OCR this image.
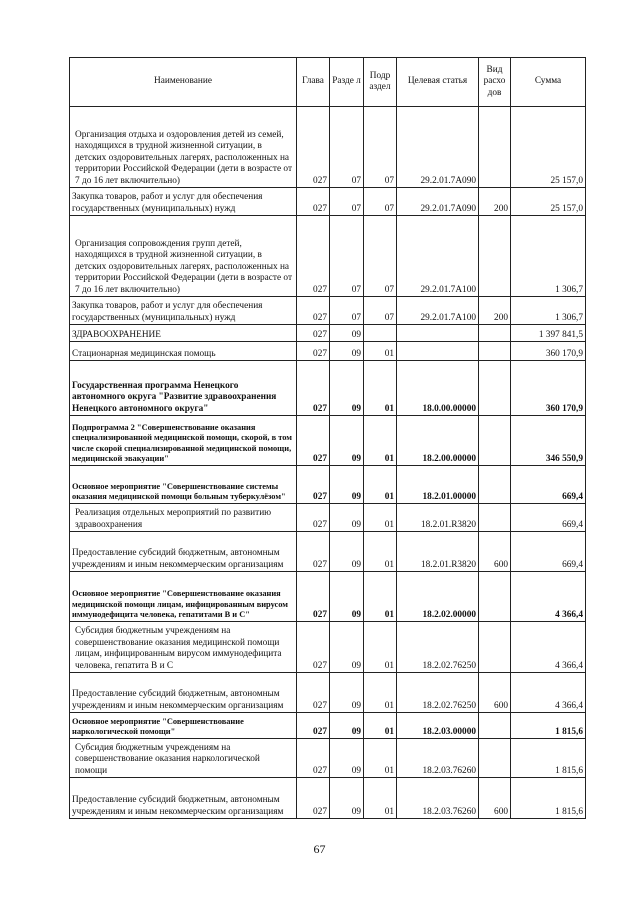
Наименование	Глава	Разде л	Подр аздел	Целевая статья	Вид расхо дов	Сумма
Организация отдыха и оздоровления детей из семей, находящихся в трудной жизненной ситуации, в детских оздоровительных лагерях, расположенных на территории Российской Федерации (дети в возрасте от 7 до 16 лет включительно)	027	07	07	29.2.01.7А090		25 157,0
Закупка товаров, работ и услуг для обеспечения государственных (муниципальных) нужд	027	07	07	29.2.01.7А090	200	25 157,0
Организация сопровождения групп детей, находящихся в трудной жизненной ситуации, в детских оздоровительных лагерях, расположенных на территории Российской Федерации (дети в возрасте от 7 до 16 лет включительно)	027	07	07	29.2.01.7А100		1 306,7
Закупка товаров, работ и услуг для обеспечения государственных (муниципальных) нужд	027	07	07	29.2.01.7А100	200	1 306,7
ЗДРАВООХРАНЕНИЕ	027	09				1 397 841,5
Стационарная медицинская помощь	027	09	01			360 170,9
Государственная программа Ненецкого автономного округа "Развитие здравоохранения Ненецкого автономного округа"	027	09	01	18.0.00.00000		360 170,9
Подпрограмма 2 "Совершенствование оказания специализированной медицинской помощи, скорой, в том числе скорой специализированной медицинской помощи, медицинской эвакуации"	027	09	01	18.2.00.00000		346 550,9
Основное мероприятие "Совершенствование системы оказания медицинской помощи больным туберкулёзом"	027	09	01	18.2.01.00000		669,4
Реализация отдельных мероприятий по развитию здравоохранения	027	09	01	18.2.01.R3820		669,4
Предоставление субсидий бюджетным, автономным учреждениям и иным некоммерческим организациям	027	09	01	18.2.01.R3820	600	669,4
Основное мероприятие "Совершенствование оказания медицинской помощи лицам, инфицированным вирусом иммунодефицита человека, гепатитами В и С"	027	09	01	18.2.02.00000		4 366,4
Субсидия бюджетным учреждениям на совершенствование оказания медицинской помощи лицам, инфицированным вирусом иммунодефицита человека, гепатита В и С	027	09	01	18.2.02.76250		4 366,4
Предоставление субсидий бюджетным, автономным учреждениям и иным некоммерческим организациям	027	09	01	18.2.02.76250	600	4 366,4
Основное мероприятие "Совершенствование наркологической помощи"	027	09	01	18.2.03.00000		1 815,6
Субсидия бюджетным учреждениям на совершенствование оказания наркологической помощи	027	09	01	18.2.03.76260		1 815,6
Предоставление субсидий бюджетным, автономным учреждениям и иным некоммерческим организациям	027	09	01	18.2.03.76260	600	1 815,6
67
